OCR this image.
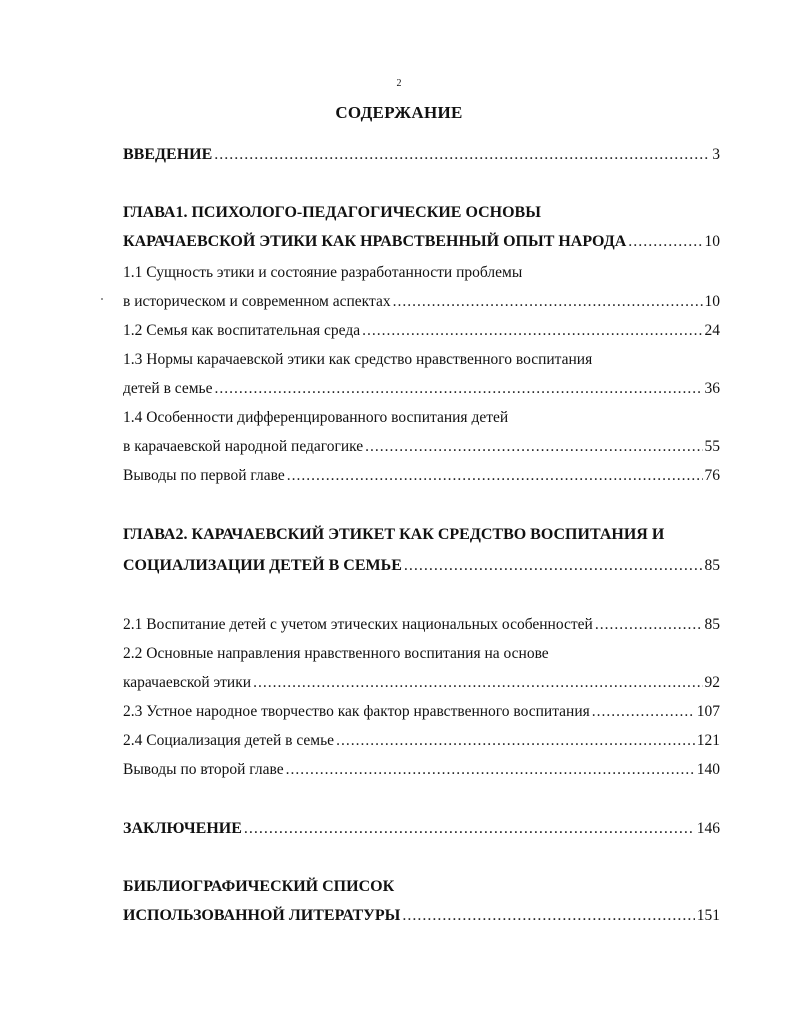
2
СОДЕРЖАНИЕ
ВВЕДЕНИЕ .....	3
ГЛАВА1. ПСИХОЛОГО-ПЕДАГОГИЧЕСКИЕ ОСНОВЫ
КАРАЧАЕВСКОЙ ЭТИКИ КАК НРАВСТВЕННЫЙ ОПЫТ НАРОДА .....	10
1.1 Сущность этики и состояние разработанности проблемы
в историческом и современном аспектах .....	10
1.2 Семья как воспитательная среда .....	24
1.3 Нормы карачаевской этики как средство нравственного воспитания
детей в семье .....	36
1.4 Особенности дифференцированного воспитания детей
в карачаевской народной педагогике .....	55
Выводы по первой главе .....	76
ГЛАВА2. КАРАЧАЕВСКИЙ ЭТИКЕТ КАК СРЕДСТВО ВОСПИТАНИЯ И
СОЦИАЛИЗАЦИИ ДЕТЕЙ В СЕМЬЕ .....	85
2.1 Воспитание детей с учетом этических национальных особенностей .....	85
2.2 Основные направления нравственного воспитания на основе
карачаевской этики .....	92
2.3 Устное народное творчество как фактор нравственного воспитания .....	107
2.4 Социализация детей в семье .....	121
Выводы по второй главе .....	140
ЗАКЛЮЧЕНИЕ .....	146
БИБЛИОГРАФИЧЕСКИЙ СПИСОК
ИСПОЛЬЗОВАННОЙ ЛИТЕРАТУРЫ .....	151
